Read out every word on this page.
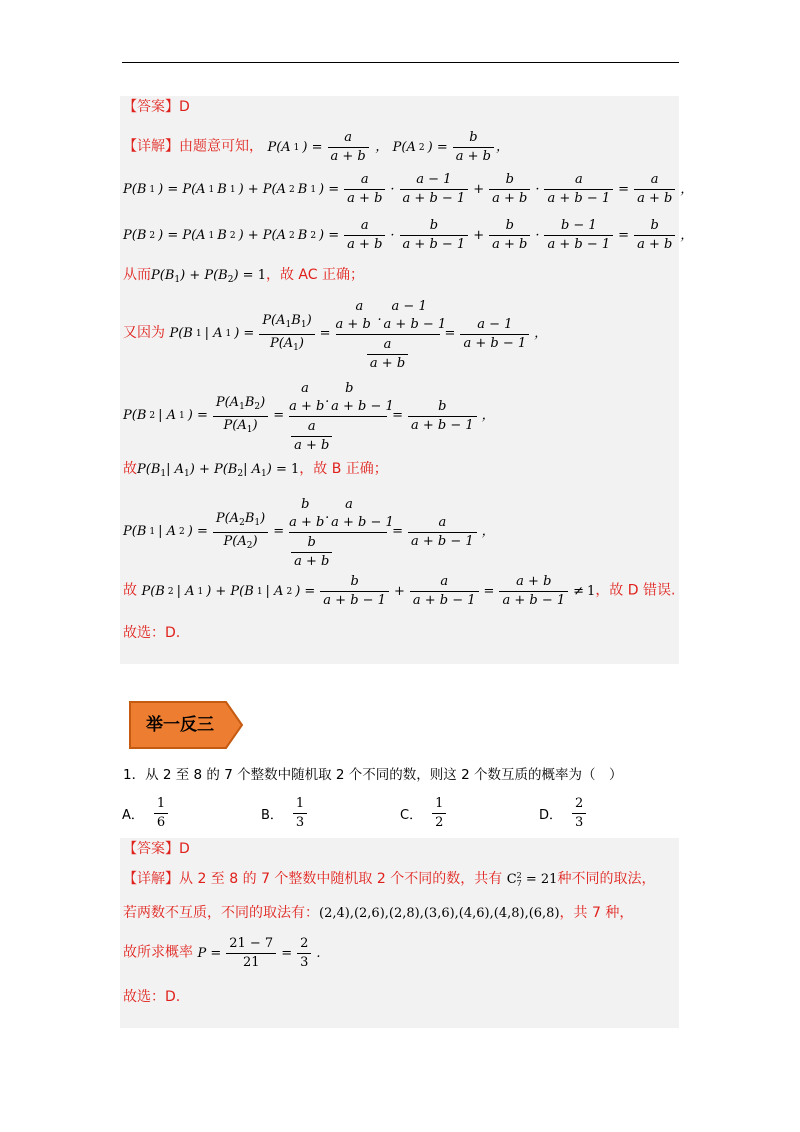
【答案】D
【详解】由题意可知， P(A 1 ) = $\frac{a}{a + b}$ ， P(A 2 ) = $\frac{b}{a + b}$ ，
P(B 1 ) = P(A 1 B 1 ) + P(A 2 B 1 ) = $\frac{a}{a + b} \cdot \frac{a - 1}{a + b - 1} + \frac{b}{a + b} \cdot \frac{a}{a + b - 1} = \frac{a}{a + b}$ ，
P(B 2 ) = P(A 1 B 2 ) + P(A 2 B 2 ) = $\frac{a}{a + b} \cdot \frac{b}{a + b - 1} + \frac{b}{a + b} \cdot \frac{b - 1}{a + b - 1} = \frac{b}{a + b}$ ，
从而$P(B_1) + P(B_2) = 1$，故 AC 正确；
又因为 P(B 1 | A 1 ) = $\frac{P(A_1B_1)}{P(A_1)}$ =
a a − 1
a + b
.
a + b − 1
$\frac{a}{a + b}$
= $\frac{a - 1}{a + b - 1}$ ，
P(B 2 | A 1 ) = $\frac{P(A_1B_2)}{P(A_1)}$ =
a	b
a + b
.
a + b − 1
$\frac{a}{a + b}$
= $\frac{b}{a + b - 1}$ ，
故$P(B_1|$ $A_1) + P(B_2|$ $A_1) = 1$，故 B 正确；
P(B 1 | A 2 ) = $\frac{P(A_2B_1)}{P(A_2)}$ =
b	a
a + b
.
a + b − 1
$\frac{b}{a + b}$
= $\frac{a}{a + b - 1}$ ，
故 P(B 2 | A 1 ) + P(B 1 | A 2 ) = $\frac{b}{a + b - 1} + \frac{a}{a + b - 1} = \frac{a + b}{a + b - 1} \ne 1$ ，故 D 错误.
故选：D.
举一反三
1．从 2 至 8 的 7 个整数中随机取 2 个不同的数，则这 2 个数互质的概率为（　）
A． $\frac{1}{6}$	B． $\frac{1}{3}$	C． $\frac{1}{2}$	D． $\frac{2}{3}$
【答案】D
【详解】从 2 至 8 的 7 个整数中随机取 2 个不同的数，共有 C 2
7 = 21种不同的取法，
若两数不互质，不同的取法有：(2,4),(2,6),(2,8),(3,6),(4,6),(4,8),(6,8)，共 7 种，
故所求概率 $P = \frac{21 - 7}{21} = \frac{2}{3}$ .
故选：D.
